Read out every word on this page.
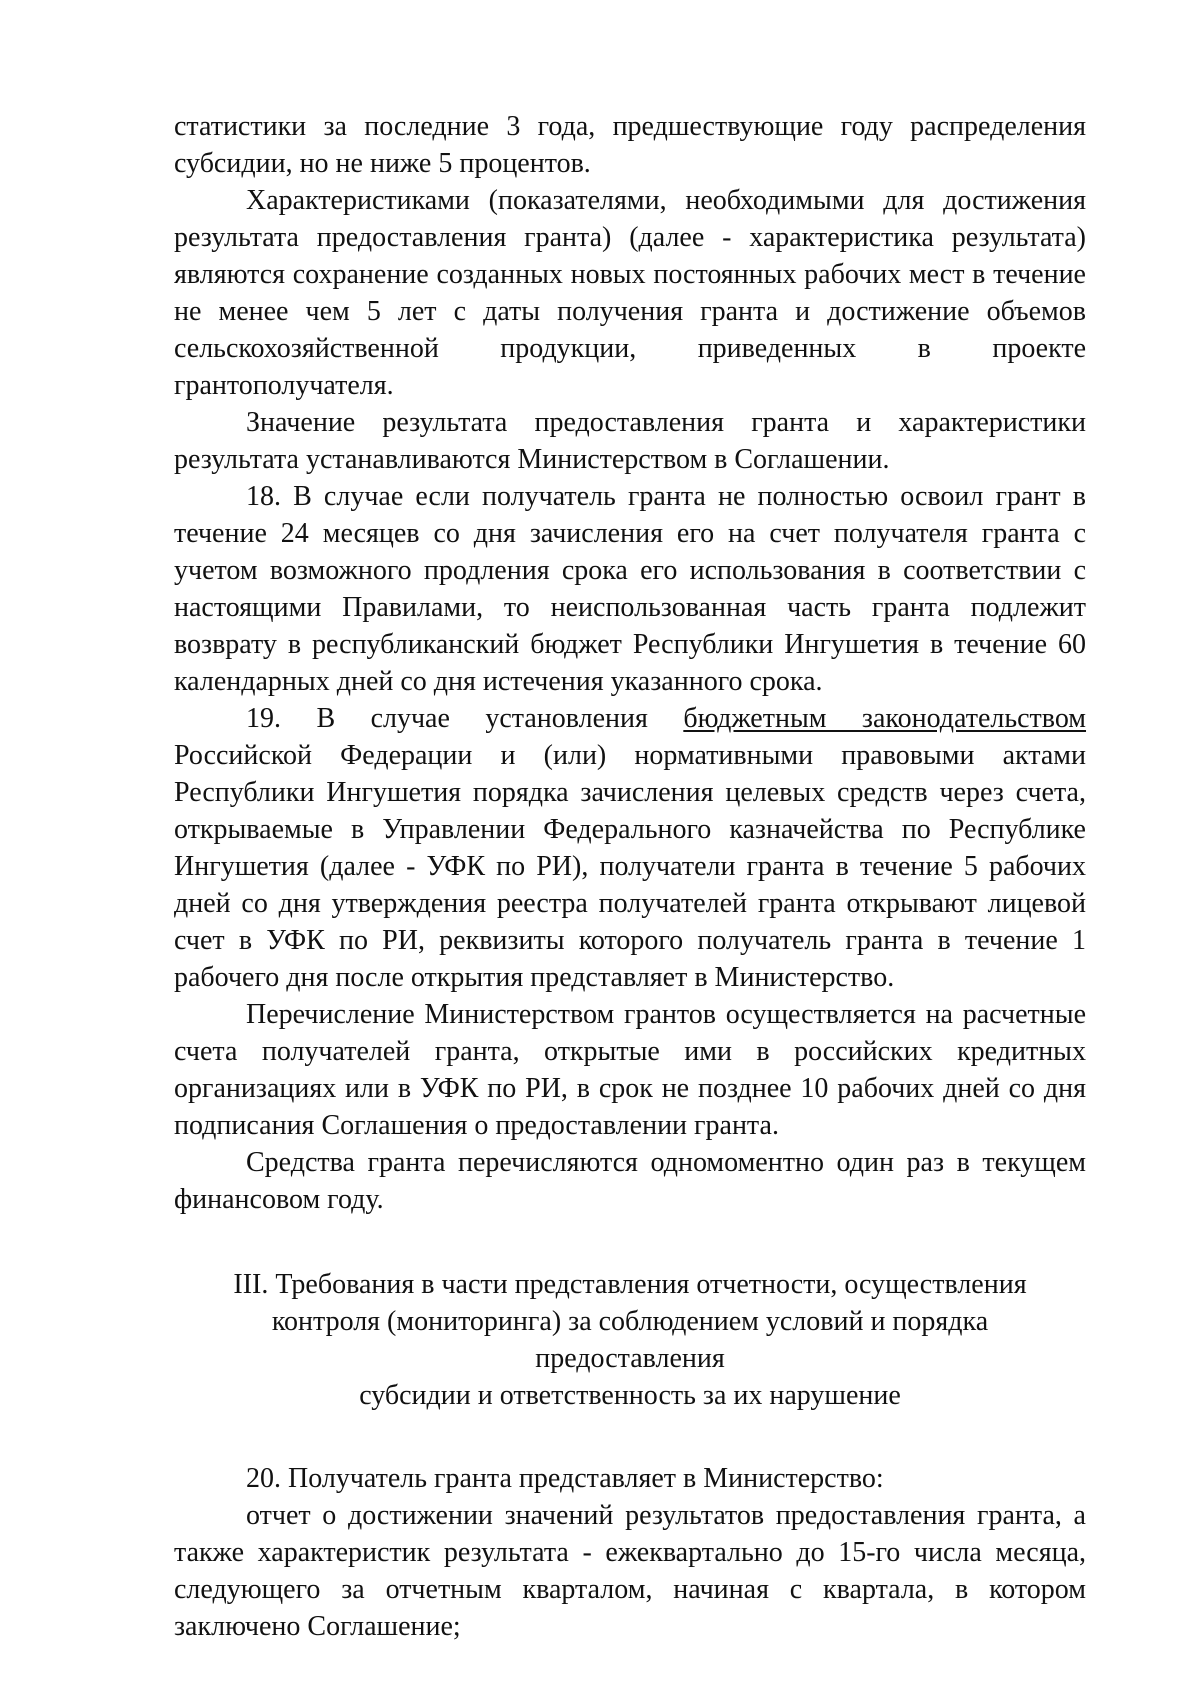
статистики за последние 3 года, предшествующие году распределения субсидии, но не ниже 5 процентов.

Характеристиками (показателями, необходимыми для достижения результата предоставления гранта) (далее - характеристика результата) являются сохранение созданных новых постоянных рабочих мест в течение не менее чем 5 лет с даты получения гранта и достижение объемов сельскохозяйственной продукции, приведенных в проекте грантополучателя.

Значение результата предоставления гранта и характеристики результата устанавливаются Министерством в Соглашении.

18. В случае если получатель гранта не полностью освоил грант в течение 24 месяцев со дня зачисления его на счет получателя гранта с учетом возможного продления срока его использования в соответствии с настоящими Правилами, то неиспользованная часть гранта подлежит возврату в республиканский бюджет Республики Ингушетия в течение 60 календарных дней со дня истечения указанного срока.

19. В случае установления бюджетным законодательством Российской Федерации и (или) нормативными правовыми актами Республики Ингушетия порядка зачисления целевых средств через счета, открываемые в Управлении Федерального казначейства по Республике Ингушетия (далее - УФК по РИ), получатели гранта в течение 5 рабочих дней со дня утверждения реестра получателей гранта открывают лицевой счет в УФК по РИ, реквизиты которого получатель гранта в течение 1 рабочего дня после открытия представляет в Министерство.

Перечисление Министерством грантов осуществляется на расчетные счета получателей гранта, открытые ими в российских кредитных организациях или в УФК по РИ, в срок не позднее 10 рабочих дней со дня подписания Соглашения о предоставлении гранта.

Средства гранта перечисляются одномоментно один раз в текущем финансовом году.

III. Требования в части представления отчетности, осуществления
контроля (мониторинга) за соблюдением условий и порядка предоставления
субсидии и ответственность за их нарушение

20. Получатель гранта представляет в Министерство:

отчет о достижении значений результатов предоставления гранта, а также характеристик результата - ежеквартально до 15-го числа месяца, следующего за отчетным кварталом, начиная с квартала, в котором заключено Соглашение;
